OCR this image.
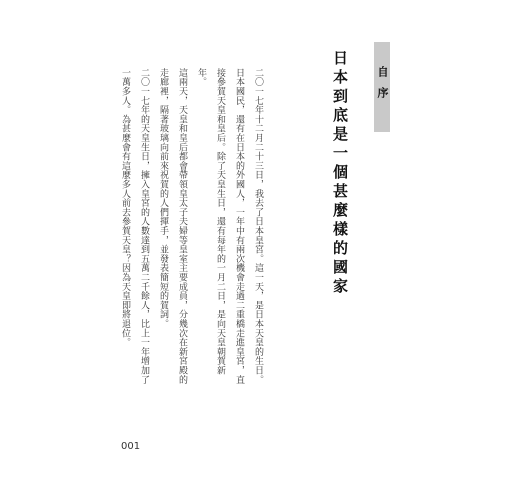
自序
日本到底是一個甚麼樣的國家

二〇一七年十二月二十三日，我去了日本皇宮。這一天，是日本天皇的生日。日本國民，還有在日本的外國人，一年中有兩次機會走過二重橋走進皇宮，直接參賀天皇和皇后。除了天皇生日，還有每年的一月二日，是向天皇朝賀新年。

這兩天，天皇和皇后都會帶領皇太子夫婦等皇室主要成員，分幾次在新宮殿的走廊裡，隔著玻璃向前來祝賀的人們揮手，並發表簡短的賀詞。

二〇一七年的天皇生日，擁入皇宮的人數達到五萬二千餘人，比上一年增加了一萬多人。為甚麼會有這麼多人前去參賀天皇？因為天皇即將退位。

001
